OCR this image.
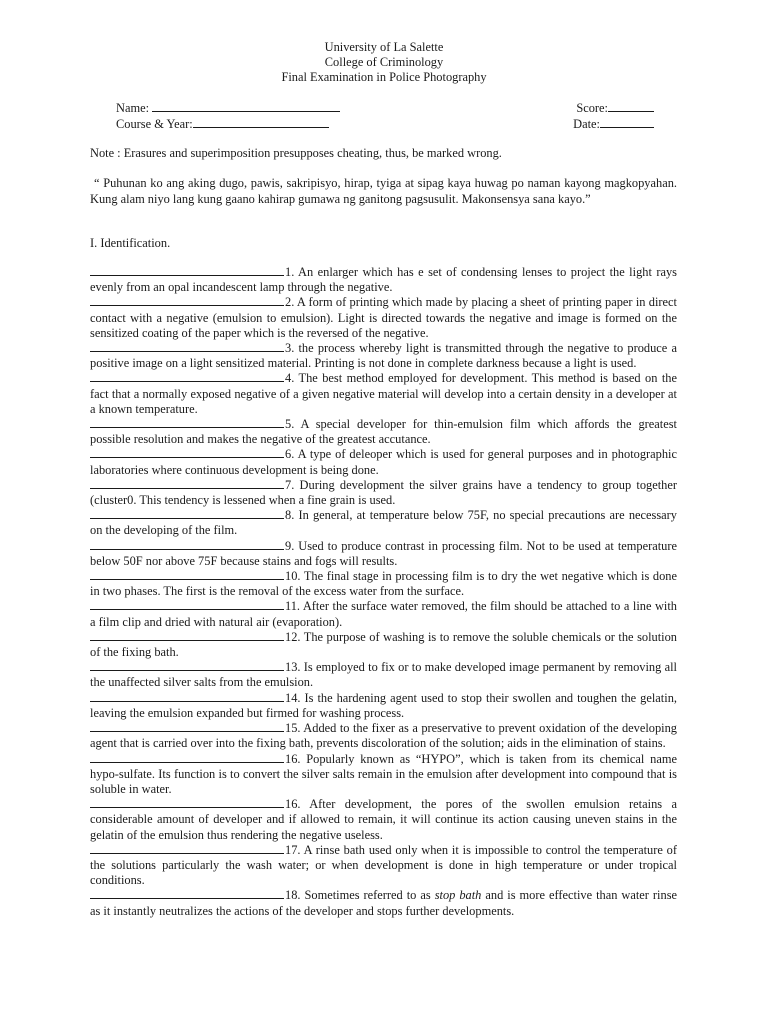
University of La Salette
College of Criminology
Final Examination in Police Photography
Name:	Score:
Course & Year:	Date:
Note : Erasures and superimposition presupposes cheating, thus, be marked wrong.
“ Puhunan ko ang aking dugo, pawis, sakripisyo, hirap, tyiga at sipag kaya huwag po naman kayong magkopyahan. Kung alam niyo lang kung gaano kahirap gumawa ng ganitong pagsusulit. Makonsensya sana kayo.”
I. Identification.
1. An enlarger which has e set of condensing lenses to project the light rays evenly from an opal incandescent lamp through the negative.
2. A form of printing which made by placing a sheet of printing paper in direct contact with a negative (emulsion to emulsion). Light is directed towards the negative and image is formed on the sensitized coating of the paper which is the reversed of the negative.
3. the process whereby light is transmitted through the negative to produce a positive image on a light sensitized material. Printing is not done in complete darkness because a light is used.
4. The best method employed for development. This method is based on the fact that a normally exposed negative of a given negative material will develop into a certain density in a developer at a known temperature.
5. A special developer for thin-emulsion film which affords the greatest possible resolution and makes the negative of the greatest accutance.
6. A type of deleoper which is used for general purposes and in photographic laboratories where continuous development is being done.
7. During development the silver grains have a tendency to group together (cluster0. This tendency is lessened when a fine grain is used.
8. In general, at temperature below 75F, no special precautions are necessary on the developing of the film.
9. Used to produce contrast in processing film. Not to be used at temperature below 50F nor above 75F because stains and fogs will results.
10. The final stage in processing film is to dry the wet negative which is done in two phases. The first is the removal of the excess water from the surface.
11. After the surface water removed, the film should be attached to a line with a film clip and dried with natural air (evaporation).
12. The purpose of washing is to remove the soluble chemicals or the solution of the fixing bath.
13. Is employed to fix or to make developed image permanent by removing all the unaffected silver salts from the emulsion.
14. Is the hardening agent used to stop their swollen and toughen the gelatin, leaving the emulsion expanded but firmed for washing process.
15. Added to the fixer as a preservative to prevent oxidation of the developing agent that is carried over into the fixing bath, prevents discoloration of the solution; aids in the elimination of stains.
16. Popularly known as “HYPO”, which is taken from its chemical name hypo-sulfate. Its function is to convert the silver salts remain in the emulsion after development into compound that is soluble in water.
16. After development, the pores of the swollen emulsion retains a considerable amount of developer and if allowed to remain, it will continue its action causing uneven stains in the gelatin of the emulsion thus rendering the negative useless.
17. A rinse bath used only when it is impossible to control the temperature of the solutions particularly the wash water; or when development is done in high temperature or under tropical conditions.
18. Sometimes referred to as stop bath and is more effective than water rinse as it instantly neutralizes the actions of the developer and stops further developments.
